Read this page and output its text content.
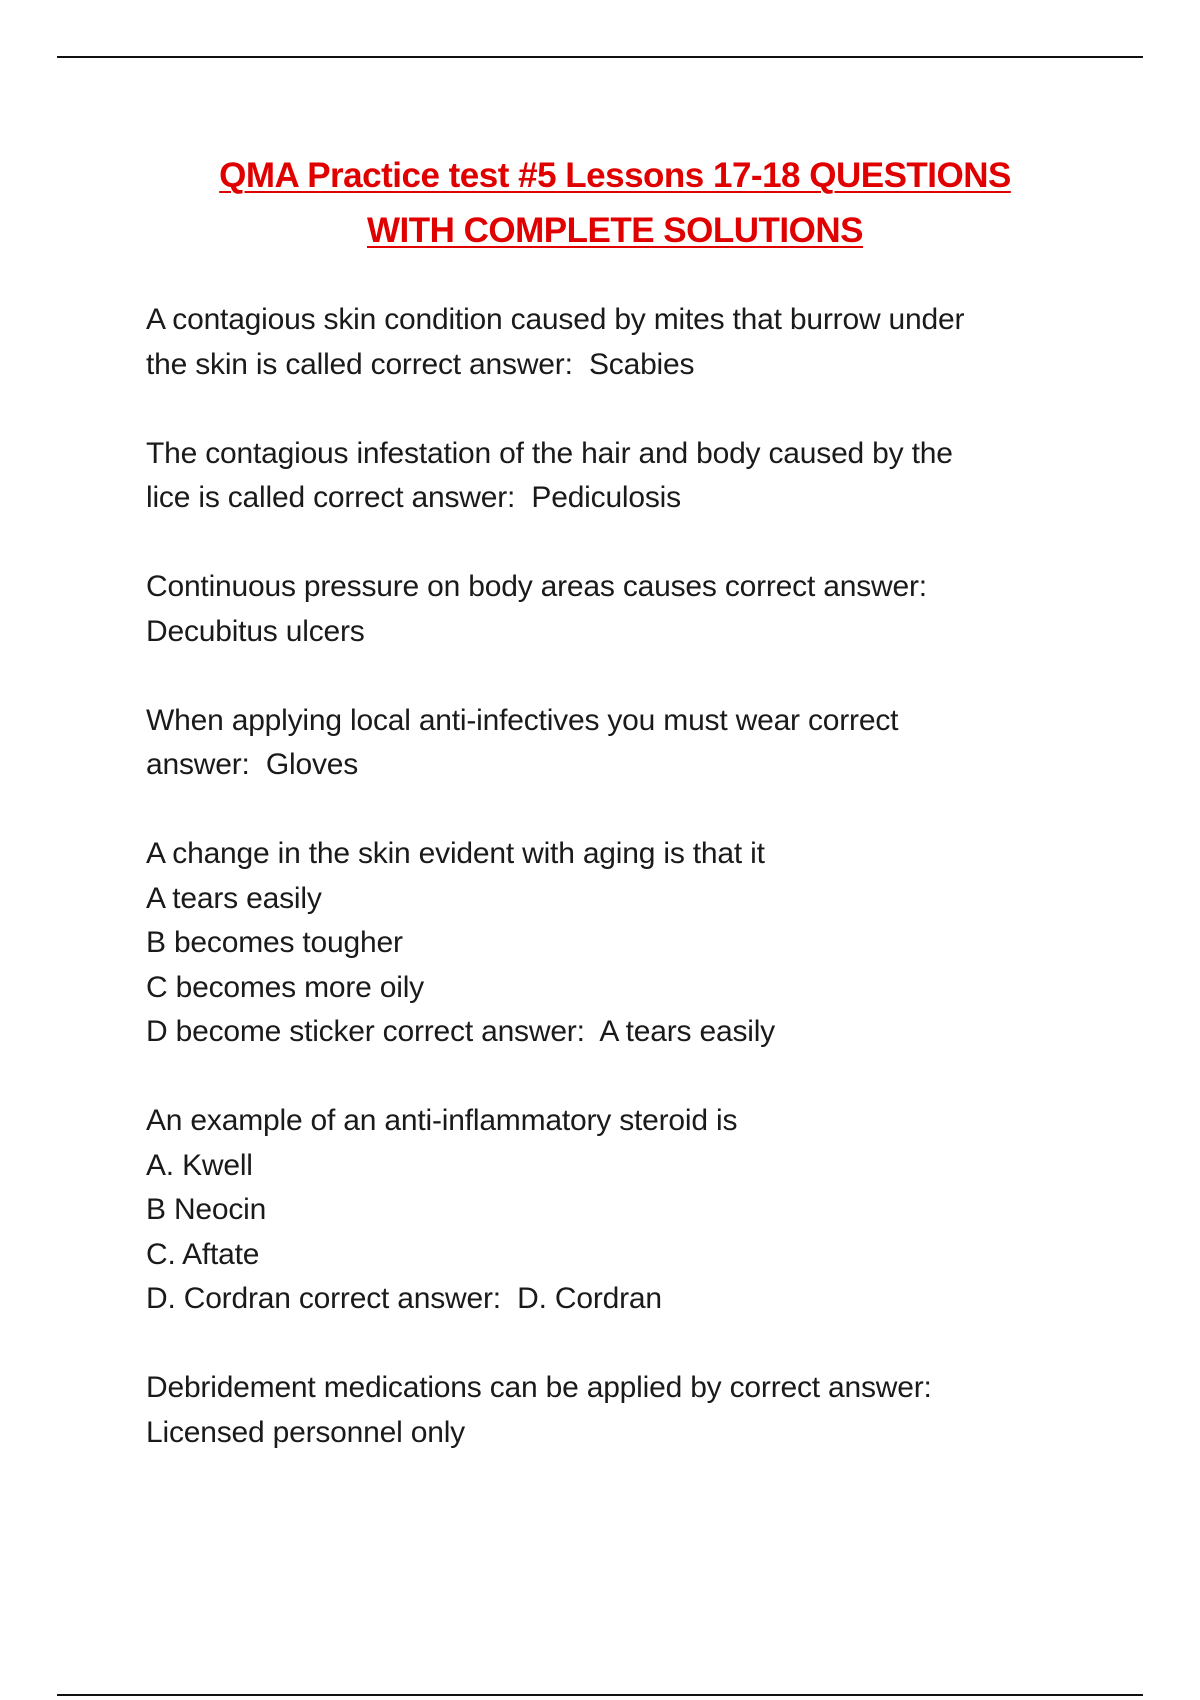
QMA Practice test #5 Lessons 17-18 QUESTIONS
WITH COMPLETE SOLUTIONS

A contagious skin condition caused by mites that burrow under

the skin is called correct answer:  Scabies

The contagious infestation of the hair and body caused by the

lice is called correct answer:  Pediculosis

Continuous pressure on body areas causes correct answer:

Decubitus ulcers

When applying local anti-infectives you must wear correct

answer:  Gloves

A change in the skin evident with aging is that it

A tears easily

B becomes tougher

C becomes more oily

D become sticker correct answer:  A tears easily

An example of an anti-inflammatory steroid is

A. Kwell

B Neocin

C. Aftate

D. Cordran correct answer:  D. Cordran

Debridement medications can be applied by correct answer:

Licensed personnel only
